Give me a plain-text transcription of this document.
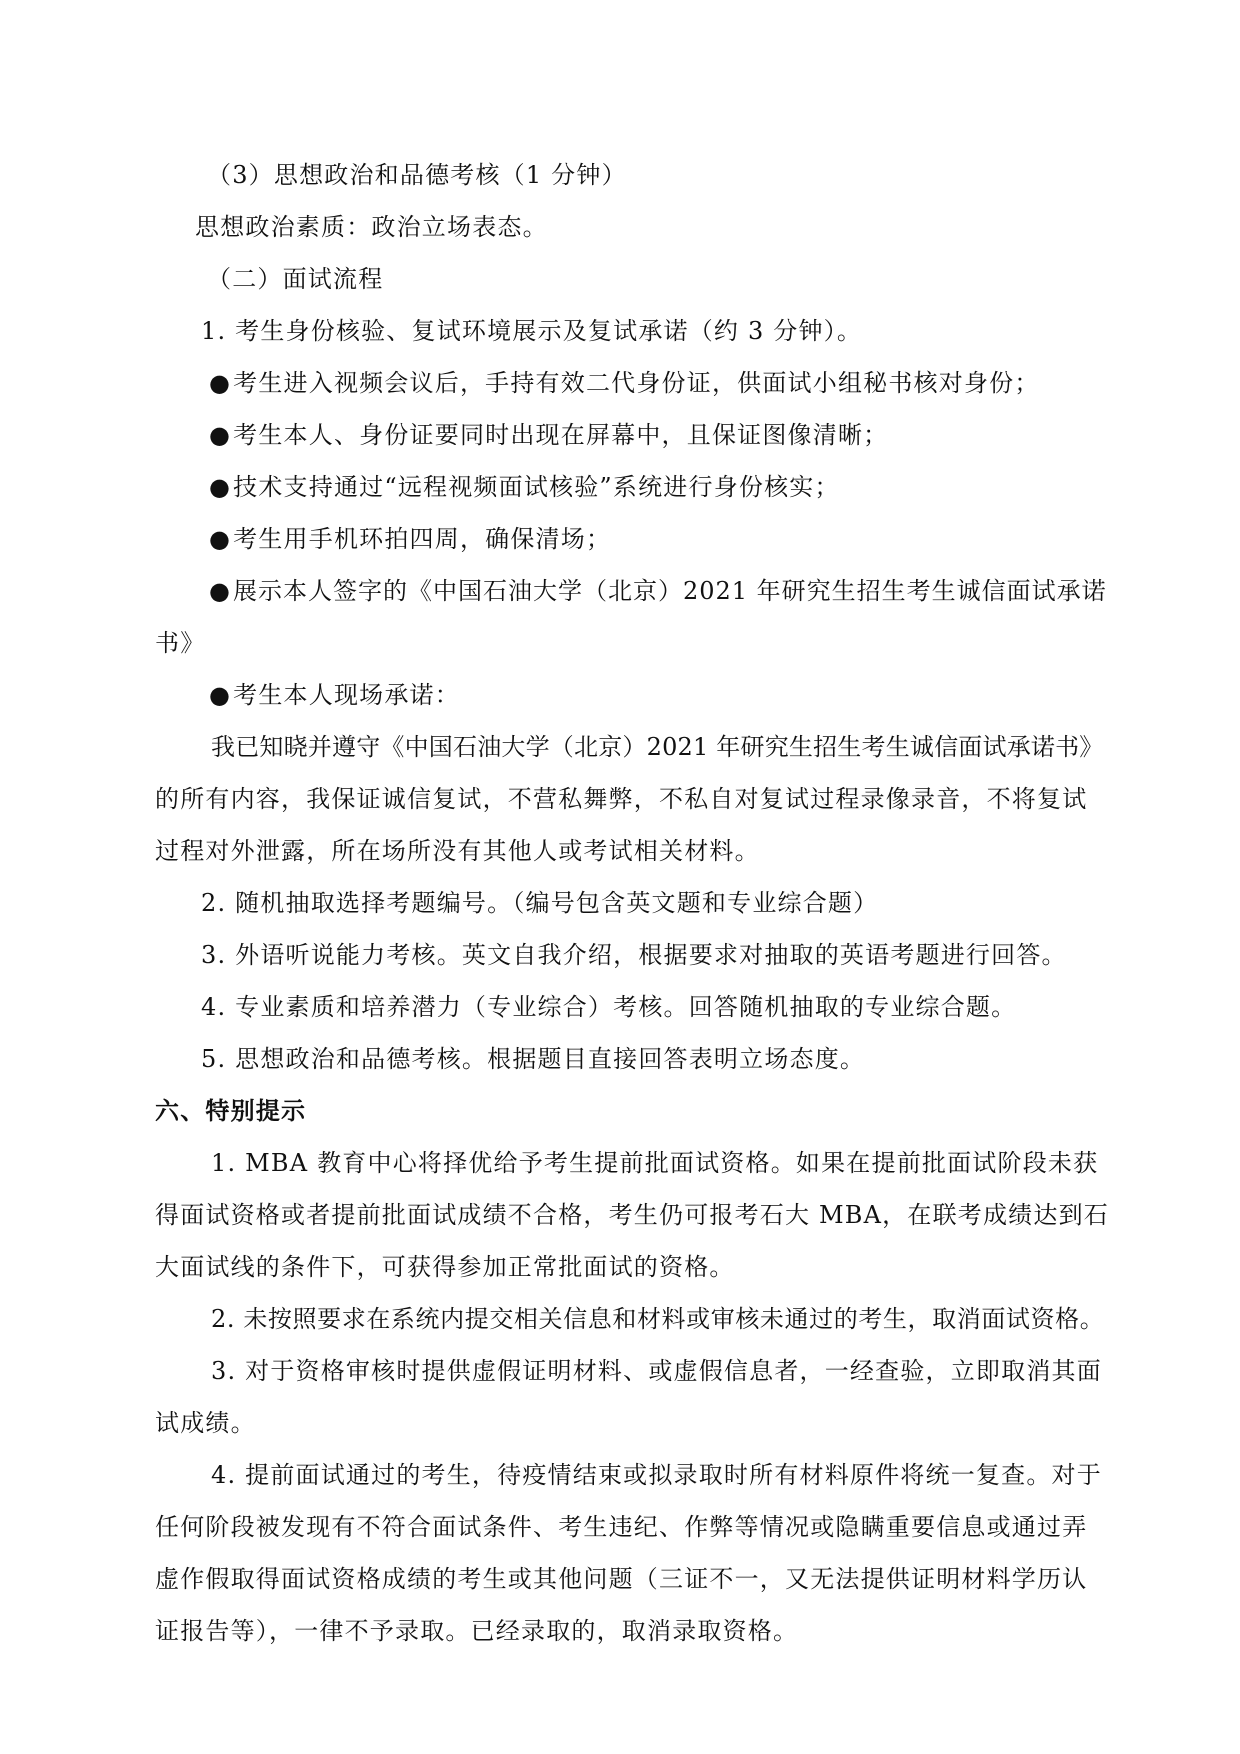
（3）思想政治和品德考核（1 分钟）
思想政治素质：政治立场表态。
（二）面试流程
1. 考生身份核验、复试环境展示及复试承诺（约 3 分钟）。
●考生进入视频会议后，手持有效二代身份证，供面试小组秘书核对身份；
●考生本人、身份证要同时出现在屏幕中，且保证图像清晰；
●技术支持通过“远程视频面试核验”系统进行身份核实；
●考生用手机环拍四周，确保清场；
●展示本人签字的《中国石油大学（北京）2021 年研究生招生考生诚信面试承诺
书》
●考生本人现场承诺：
我已知晓并遵守《中国石油大学（北京）2021 年研究生招生考生诚信面试承诺书》
的所有内容，我保证诚信复试，不营私舞弊，不私自对复试过程录像录音，不将复试
过程对外泄露，所在场所没有其他人或考试相关材料。
2. 随机抽取选择考题编号。（编号包含英文题和专业综合题）
3. 外语听说能力考核。英文自我介绍，根据要求对抽取的英语考题进行回答。
4. 专业素质和培养潜力（专业综合）考核。回答随机抽取的专业综合题。
5. 思想政治和品德考核。根据题目直接回答表明立场态度。
六、特别提示
1. MBA 教育中心将择优给予考生提前批面试资格。如果在提前批面试阶段未获
得面试资格或者提前批面试成绩不合格，考生仍可报考石大 MBA，在联考成绩达到石
大面试线的条件下，可获得参加正常批面试的资格。
2. 未按照要求在系统内提交相关信息和材料或审核未通过的考生，取消面试资格。
3. 对于资格审核时提供虚假证明材料、或虚假信息者，一经查验，立即取消其面
试成绩。
4. 提前面试通过的考生，待疫情结束或拟录取时所有材料原件将统一复查。对于
任何阶段被发现有不符合面试条件、考生违纪、作弊等情况或隐瞒重要信息或通过弄
虚作假取得面试资格成绩的考生或其他问题（三证不一，又无法提供证明材料学历认
证报告等），一律不予录取。已经录取的，取消录取资格。
